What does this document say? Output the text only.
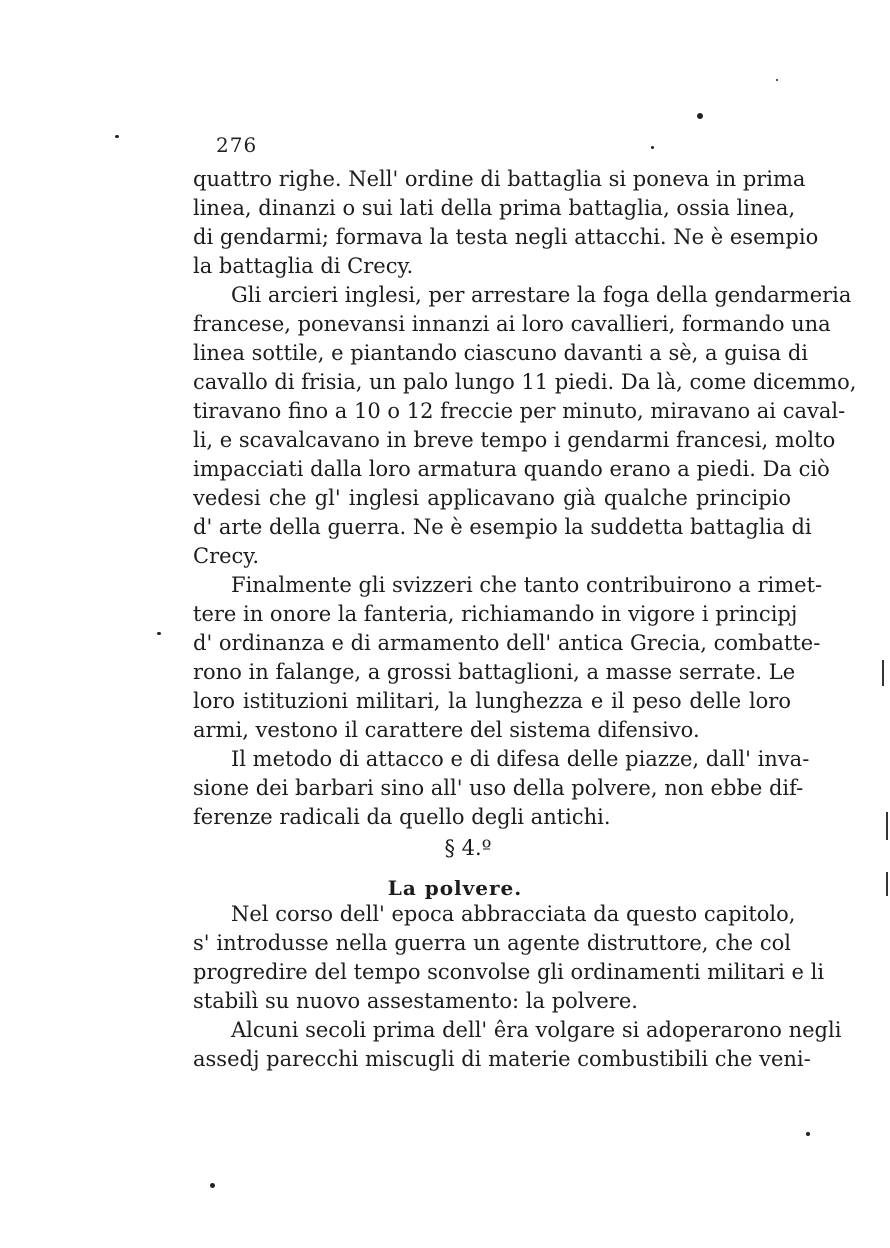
276
quattro righe. Nell' ordine di battaglia si poneva in prima
linea, dinanzi o sui lati della prima battaglia, ossia linea,
di gendarmi; formava la testa negli attacchi. Ne è esempio
la battaglia di Crecy.
Gli arcieri inglesi, per arrestare la foga della gendarmeria
francese, ponevansi innanzi ai loro cavallieri, formando una
linea sottile, e piantando ciascuno davanti a sè, a guisa di
cavallo di frisia, un palo lungo 11 piedi. Da là, come dicemmo,
tiravano fino a 10 o 12 freccie per minuto, miravano ai caval-
li, e scavalcavano in breve tempo i gendarmi francesi, molto
impacciati dalla loro armatura quando erano a piedi. Da ciò
vedesi che gl' inglesi applicavano già qualche principio
d' arte della guerra. Ne è esempio la suddetta battaglia di
Crecy.
Finalmente gli svizzeri che tanto contribuirono a rimet-
tere in onore la fanteria, richiamando in vigore i principj
d' ordinanza e di armamento dell' antica Grecia, combatte-
rono in falange, a grossi battaglioni, a masse serrate. Le
loro istituzioni militari, la lunghezza e il peso delle loro
armi, vestono il carattere del sistema difensivo.
Il metodo di attacco e di difesa delle piazze, dall' inva-
sione dei barbari sino all' uso della polvere, non ebbe dif-
ferenze radicali da quello degli antichi.
§ 4.º
La polvere.
Nel corso dell' epoca abbracciata da questo capitolo,
s' introdusse nella guerra un agente distruttore, che col
progredire del tempo sconvolse gli ordinamenti militari e li
stabilì su nuovo assestamento: la polvere.
Alcuni secoli prima dell' êra volgare si adoperarono negli
assedj parecchi miscugli di materie combustibili che veni-
